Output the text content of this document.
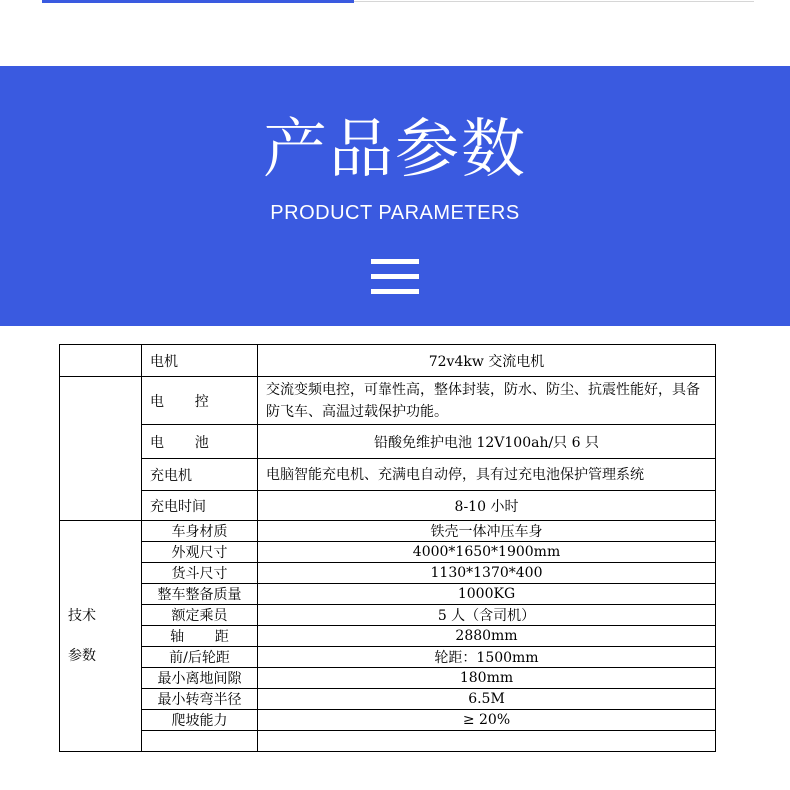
产品参数
PRODUCT PARAMETERS
	电机	72v4kw 交流电机
	电 控	交流变频电控，可靠性高，整体封装，防水、防尘、抗震性能好，具备防飞车、高温过载保护功能。
	电 池	铅酸免维护电池 12V100ah/只 6 只
	充电机	电脑智能充电机、充满电自动停，具有过充电池保护管理系统
	充电时间	8-10 小时
技术
参数	车身材质	铁壳一体冲压车身
	外观尺寸	4000*1650*1900mm
	货斗尺寸	1130*1370*400
	整车整备质量	1000KG
	额定乘员	5 人（含司机）
	轴 距	2880mm
	前/后轮距	轮距：1500mm
	最小离地间隙	180mm
	最小转弯半径	6.5M
	爬坡能力	≥ 20%
